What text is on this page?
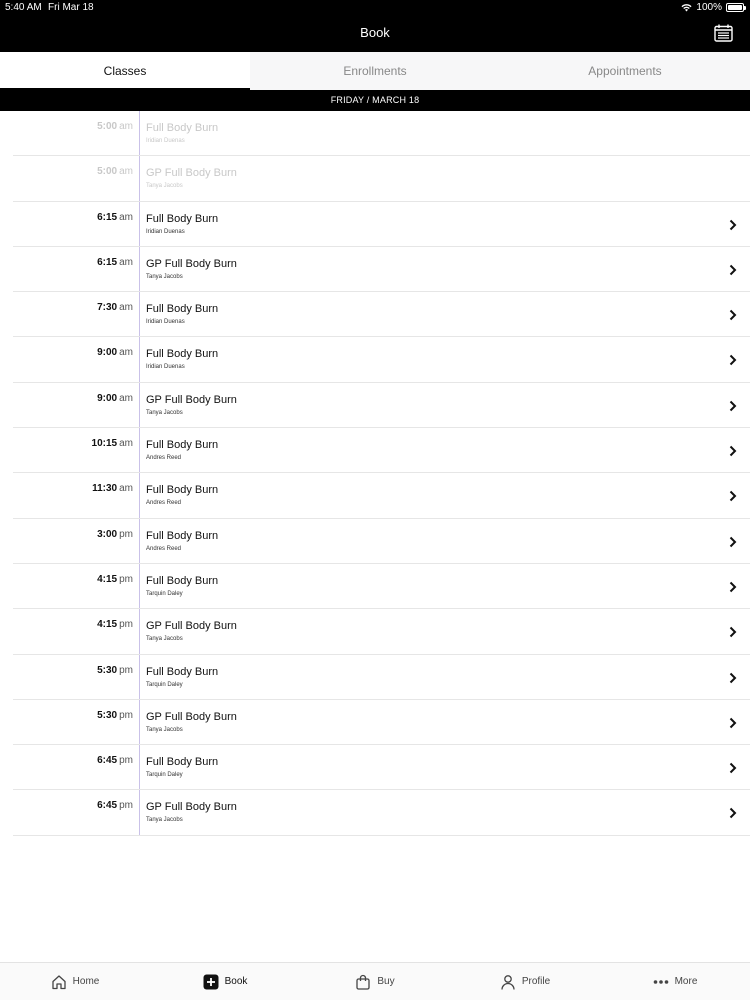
5:40 AM Fri Mar 18	100%
Book
Classes	Enrollments	Appointments
FRIDAY / MARCH 18
5:00 am Full Body Burn
Iridian Duenas
5:00 am GP Full Body Burn
Tanya Jacobs
6:15 am Full Body Burn
Iridian Duenas
6:15 am GP Full Body Burn
Tanya Jacobs
7:30 am Full Body Burn
Iridian Duenas
9:00 am Full Body Burn
Iridian Duenas
9:00 am GP Full Body Burn
Tanya Jacobs
10:15 am Full Body Burn
Andres Reed
11:30 am Full Body Burn
Andres Reed
3:00 pm Full Body Burn
Andres Reed
4:15 pm Full Body Burn
Tarquin Daley
4:15 pm GP Full Body Burn
Tanya Jacobs
5:30 pm Full Body Burn
Tarquin Daley
5:30 pm GP Full Body Burn
Tanya Jacobs
6:45 pm Full Body Burn
Tarquin Daley
6:45 pm GP Full Body Burn
Tanya Jacobs
Home	Book	Buy	Profile	More
